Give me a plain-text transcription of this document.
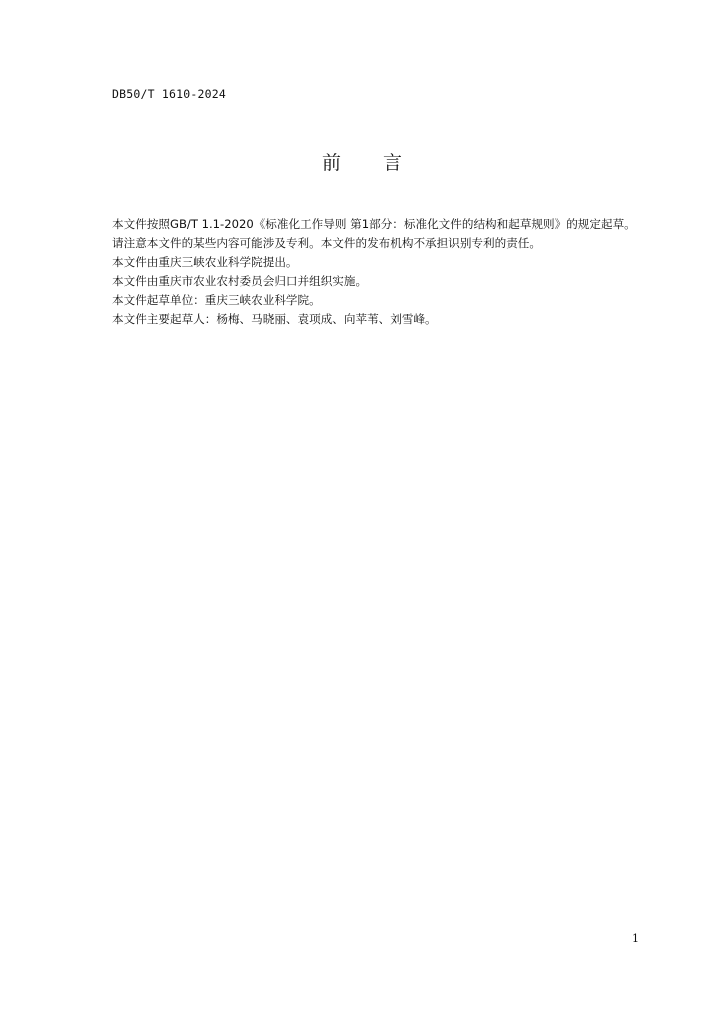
DB50/T 1610-2024
前 言

本文件按照GB/T 1.1-2020《标准化工作导则 第1部分：标准化文件的结构和起草规则》的规定起草。

请注意本文件的某些内容可能涉及专利。本文件的发布机构不承担识别专利的责任。

本文件由重庆三峡农业科学院提出。

本文件由重庆市农业农村委员会归口并组织实施。

本文件起草单位：重庆三峡农业科学院。

本文件主要起草人：杨梅、马晓丽、袁项成、向苹苇、刘雪峰。

1
